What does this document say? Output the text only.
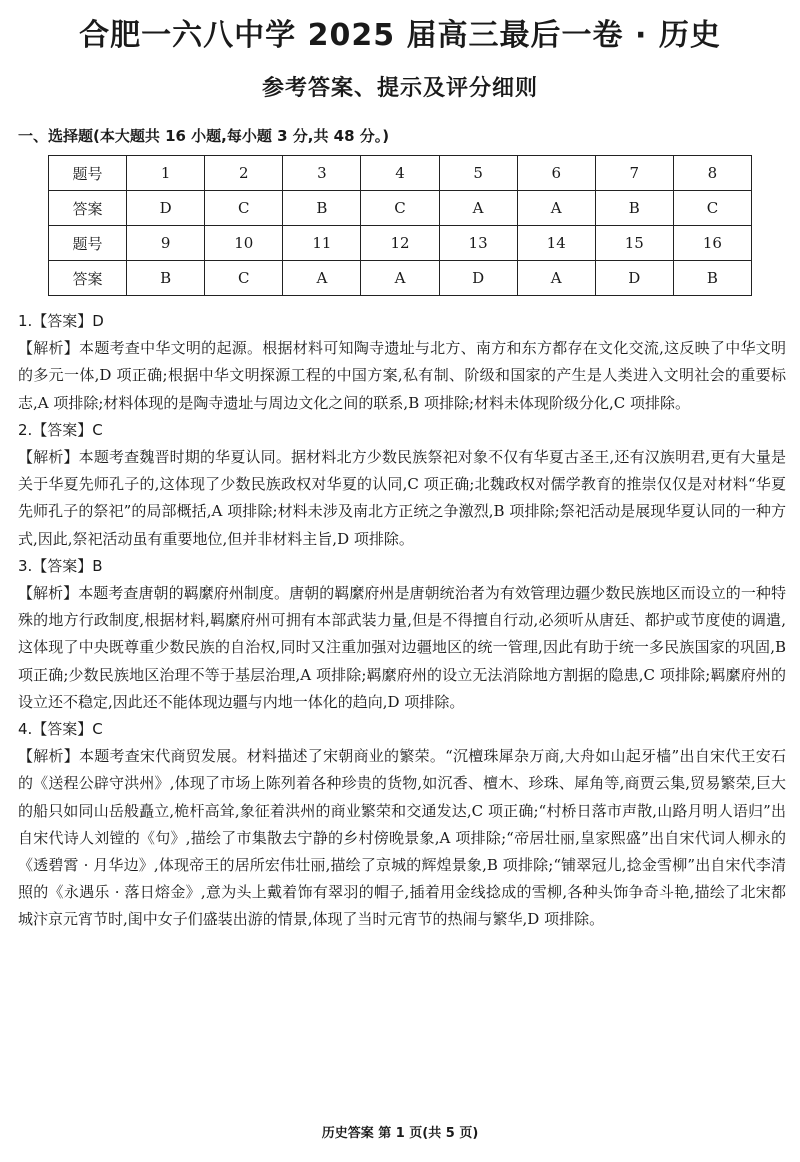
合肥一六八中学 2025 届高三最后一卷 · 历史
参考答案、提示及评分细则
一、选择题(本大题共 16 小题,每小题 3 分,共 48 分。)
题号	1	2	3	4	5	6	7	8
答案	D	C	B	C	A	A	B	C
题号	9	10	11	12	13	14	15	16
答案	B	C	A	A	D	A	D	B
1.【答案】D
【解析】本题考查中华文明的起源。根据材料可知陶寺遗址与北方、南方和东方都存在文化交流,这反映了中华文明的多元一体,D 项正确;根据中华文明探源工程的中国方案,私有制、阶级和国家的产生是人类进入文明社会的重要标志,A 项排除;材料体现的是陶寺遗址与周边文化之间的联系,B 项排除;材料未体现阶级分化,C 项排除。
2.【答案】C
【解析】本题考查魏晋时期的华夏认同。据材料北方少数民族祭祀对象不仅有华夏古圣王,还有汉族明君,更有大量是关于华夏先师孔子的,这体现了少数民族政权对华夏的认同,C 项正确;北魏政权对儒学教育的推崇仅仅是对材料“华夏先师孔子的祭祀”的局部概括,A 项排除;材料未涉及南北方正统之争激烈,B 项排除;祭祀活动是展现华夏认同的一种方式,因此,祭祀活动虽有重要地位,但并非材料主旨,D 项排除。
3.【答案】B
【解析】本题考查唐朝的羁縻府州制度。唐朝的羁縻府州是唐朝统治者为有效管理边疆少数民族地区而设立的一种特殊的地方行政制度,根据材料,羁縻府州可拥有本部武装力量,但是不得擅自行动,必须听从唐廷、都护或节度使的调遣,这体现了中央既尊重少数民族的自治权,同时又注重加强对边疆地区的统一管理,因此有助于统一多民族国家的巩固,B 项正确;少数民族地区治理不等于基层治理,A 项排除;羁縻府州的设立无法消除地方割据的隐患,C 项排除;羁縻府州的设立还不稳定,因此还不能体现边疆与内地一体化的趋向,D 项排除。
4.【答案】C
【解析】本题考查宋代商贸发展。材料描述了宋朝商业的繁荣。“沉檀珠犀杂万商,大舟如山起牙樯”出自宋代王安石的《送程公辟守洪州》,体现了市场上陈列着各种珍贵的货物,如沉香、檀木、珍珠、犀角等,商贾云集,贸易繁荣,巨大的船只如同山岳般矗立,桅杆高耸,象征着洪州的商业繁荣和交通发达,C 项正确;“村桥日落市声散,山路月明人语归”出自宋代诗人刘镗的《句》,描绘了市集散去宁静的乡村傍晚景象,A 项排除;“帝居壮丽,皇家熙盛”出自宋代词人柳永的《透碧霄 · 月华边》,体现帝王的居所宏伟壮丽,描绘了京城的辉煌景象,B 项排除;“铺翠冠儿,捻金雪柳”出自宋代李清照的《永遇乐 · 落日熔金》,意为头上戴着饰有翠羽的帽子,插着用金线捻成的雪柳,各种头饰争奇斗艳,描绘了北宋都城汴京元宵节时,闺中女子们盛装出游的情景,体现了当时元宵节的热闹与繁华,D 项排除。
历史答案 第 1 页(共 5 页)
